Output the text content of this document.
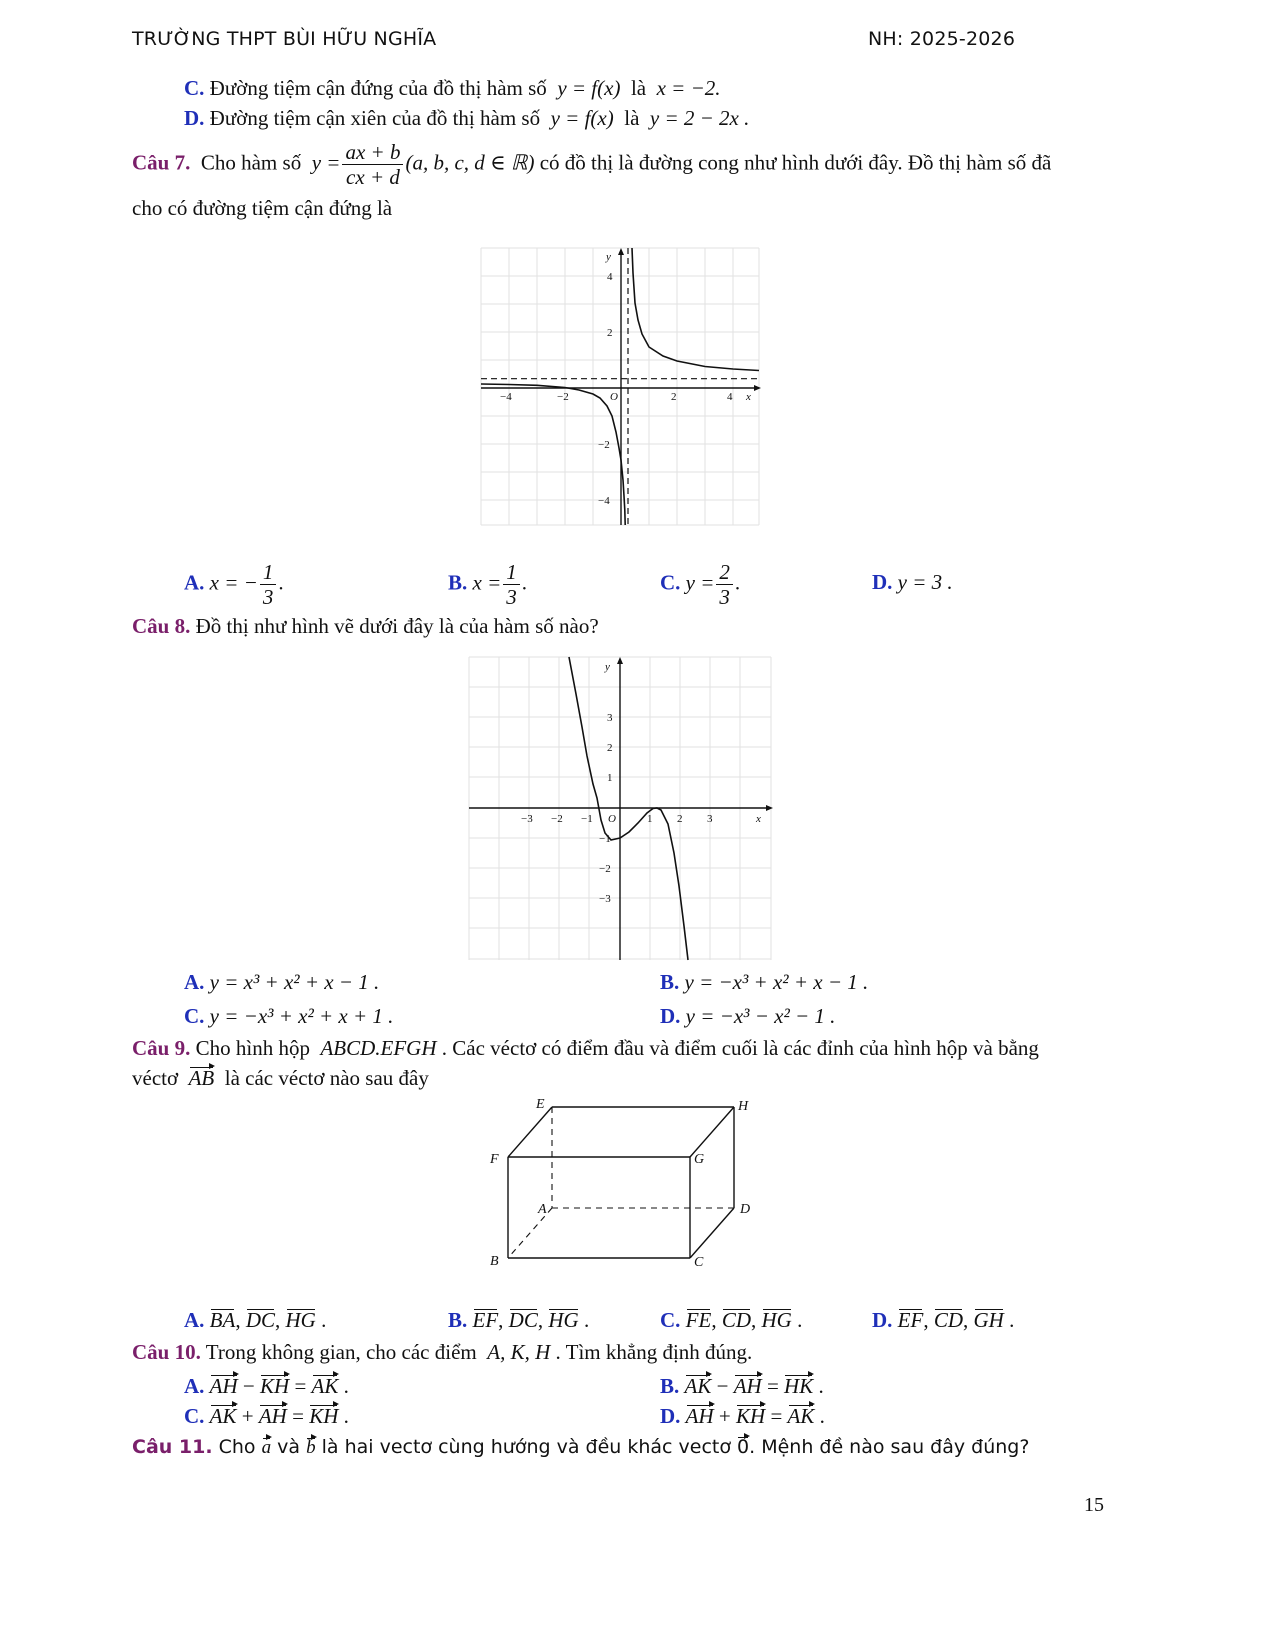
TRƯỜNG THPT BÙI HỮU NGHĨA	NH: 2025-2026
C. Đường tiệm cận đứng của đồ thị hàm số y = f(x) là x = −2.
D. Đường tiệm cận xiên của đồ thị hàm số y = f(x) là y = 2 − 2x .
Câu 7. Cho hàm số $y = \frac{ax + b}{cx + d} (a$, b, c, d ∈ ℝ) có đồ thị là đường cong như hình dưới đây. Đồ thị hàm số đã
cho có đường tiệm cận đứng là
y
x
O
−4	−2	2	4
4
2
−2
−4
A. x = − $\frac{1}{3}$ .	B. $x = \frac{1}{3}$ .	C. $y = \frac{2}{3}$ .	D. y = 3 .
Câu 8. Đồ thị như hình vẽ dưới đây là của hàm số nào?
y
x
O
−3 −2 −1	1 2 3
3
2
1
−1
−2
−3
A. y = x³ + x² + x − 1 .	B. y = −x³ + x² + x − 1 .
C. y = −x³ + x² + x + 1 .	D. y = −x³ − x² − 1 .
Câu 9. Cho hình hộp ABCD.EFGH . Các véctơ có điểm đầu và điểm cuối là các đỉnh của hình hộp và bằng
véctơ AB là các véctơ nào sau đây
E	H
F	G
A	D
B	C
A. BA, DC, HG .	B. EF, DC, HG .	C. FE, CD, HG .	D. EF, CD, GH .
Câu 10. Trong không gian, cho các điểm A, K, H . Tìm khẳng định đúng.
A. AH − KH = AK .	B. AK − AH = HK .
C. AK + AH = KH .	D. AH + KH = AK .
Câu 11. Cho a và b là hai vectơ cùng hướng và đều khác vectơ 0. Mệnh đề nào sau đây đúng?
15
